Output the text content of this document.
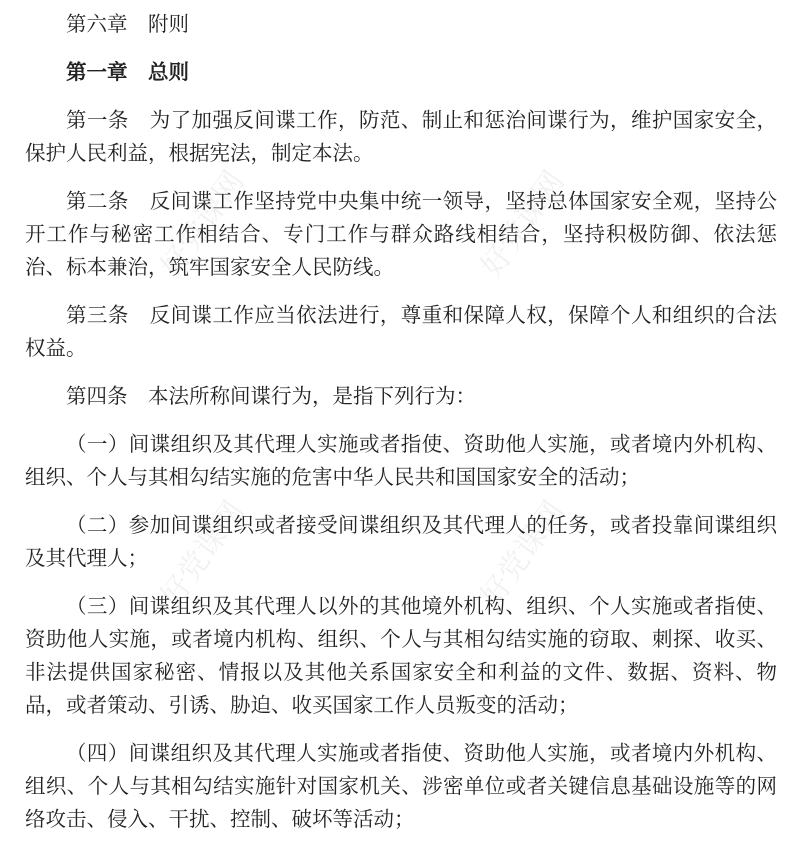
好党课网	好党课网
好党课网	好党课网

第六章　附则

第一章　总则

第一条　为了加强反间谍工作，防范、制止和惩治间谍行为，维护国家安全，保护人民利益，根据宪法，制定本法。

第二条　反间谍工作坚持党中央集中统一领导，坚持总体国家安全观，坚持公开工作与秘密工作相结合、专门工作与群众路线相结合，坚持积极防御、依法惩治、标本兼治，筑牢国家安全人民防线。

第三条　反间谍工作应当依法进行，尊重和保障人权，保障个人和组织的合法权益。

第四条　本法所称间谍行为，是指下列行为：

（一）间谍组织及其代理人实施或者指使、资助他人实施，或者境内外机构、组织、个人与其相勾结实施的危害中华人民共和国国家安全的活动；

（二）参加间谍组织或者接受间谍组织及其代理人的任务，或者投靠间谍组织及其代理人；

（三）间谍组织及其代理人以外的其他境外机构、组织、个人实施或者指使、资助他人实施，或者境内机构、组织、个人与其相勾结实施的窃取、刺探、收买、非法提供国家秘密、情报以及其他关系国家安全和利益的文件、数据、资料、物品，或者策动、引诱、胁迫、收买国家工作人员叛变的活动；

（四）间谍组织及其代理人实施或者指使、资助他人实施，或者境内外机构、组织、个人与其相勾结实施针对国家机关、涉密单位或者关键信息基础设施等的网络攻击、侵入、干扰、控制、破坏等活动；
